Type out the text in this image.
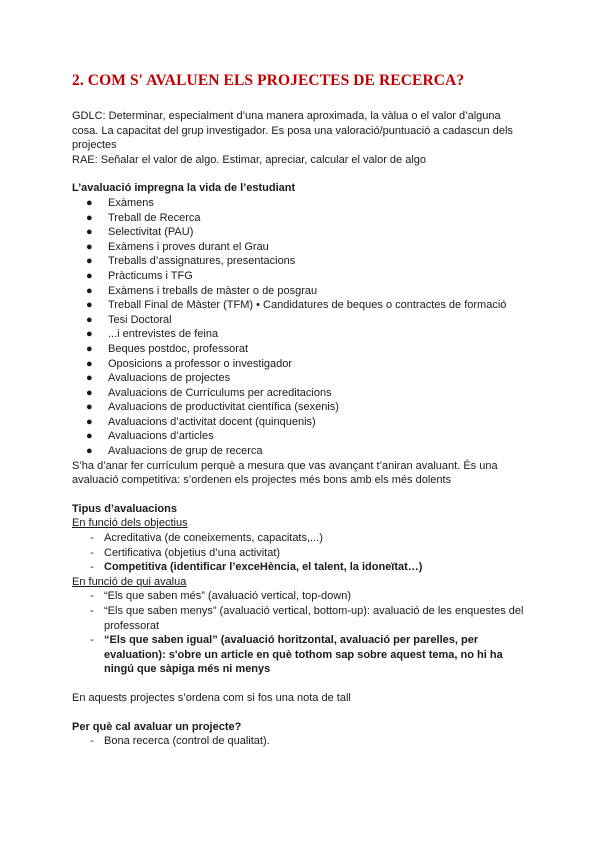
2. COM S' AVALUEN ELS PROJECTES DE RECERCA?

GDLC: Determinar, especialment d’una manera aproximada, la vàlua o el valor d’alguna cosa. La capacitat del grup investigador. Es posa una valoració/puntuació a cadascun dels projectes

RAE: Señalar el valor de algo. Estimar, apreciar, calcular el valor de algo

L’avaluació impregna la vida de l’estudiant
● Exàmens
● Treball de Recerca
● Selectivitat (PAU)
● Exàmens i proves durant el Grau
● Treballs d’assignatures, presentacions
● Pràcticums i TFG
● Exàmens i treballs de màster o de posgrau
● Treball Final de Màster (TFM) • Candidatures de beques o contractes de formació
● Tesi Doctoral
● ...i entrevistes de feina
● Beques postdoc, professorat
● Oposicions a professor o investigador
● Avaluacions de projectes
● Avaluacions de Currículums per acreditacions
● Avaluacions de productivitat científica (sexenis)
● Avaluacions d’activitat docent (quinquenis)
● Avaluacions d’articles
● Avaluacions de grup de recerca

S’ha d’anar fer currículum perquè a mesura que vas avançant t’aniran avaluant. És una avaluació competitiva: s’ordenen els projectes més bons amb els més dolents

Tipus d’avaluacions
En funció dels objectius
- Acreditativa (de coneixements, capacitats,...)
- Certificativa (objetius d’una activitat)
- Competitiva (identificar l’exceHència, el talent, la idoneïtat…)
En funció de qui avalua
- “Els que saben més” (avaluació vertical, top-down)
- “Els que saben menys” (avaluació vertical, bottom-up): avaluació de les enquestes del professorat
- “Els que saben igual” (avaluació horitzontal, avaluació per parelles, per evaluation): s'obre un article en què tothom sap sobre aquest tema, no hi ha ningú que sàpiga més ni menys

En aquests projectes s’ordena com si fos una nota de tall

Per què cal avaluar un projecte?
- Bona recerca (control de qualitat).
